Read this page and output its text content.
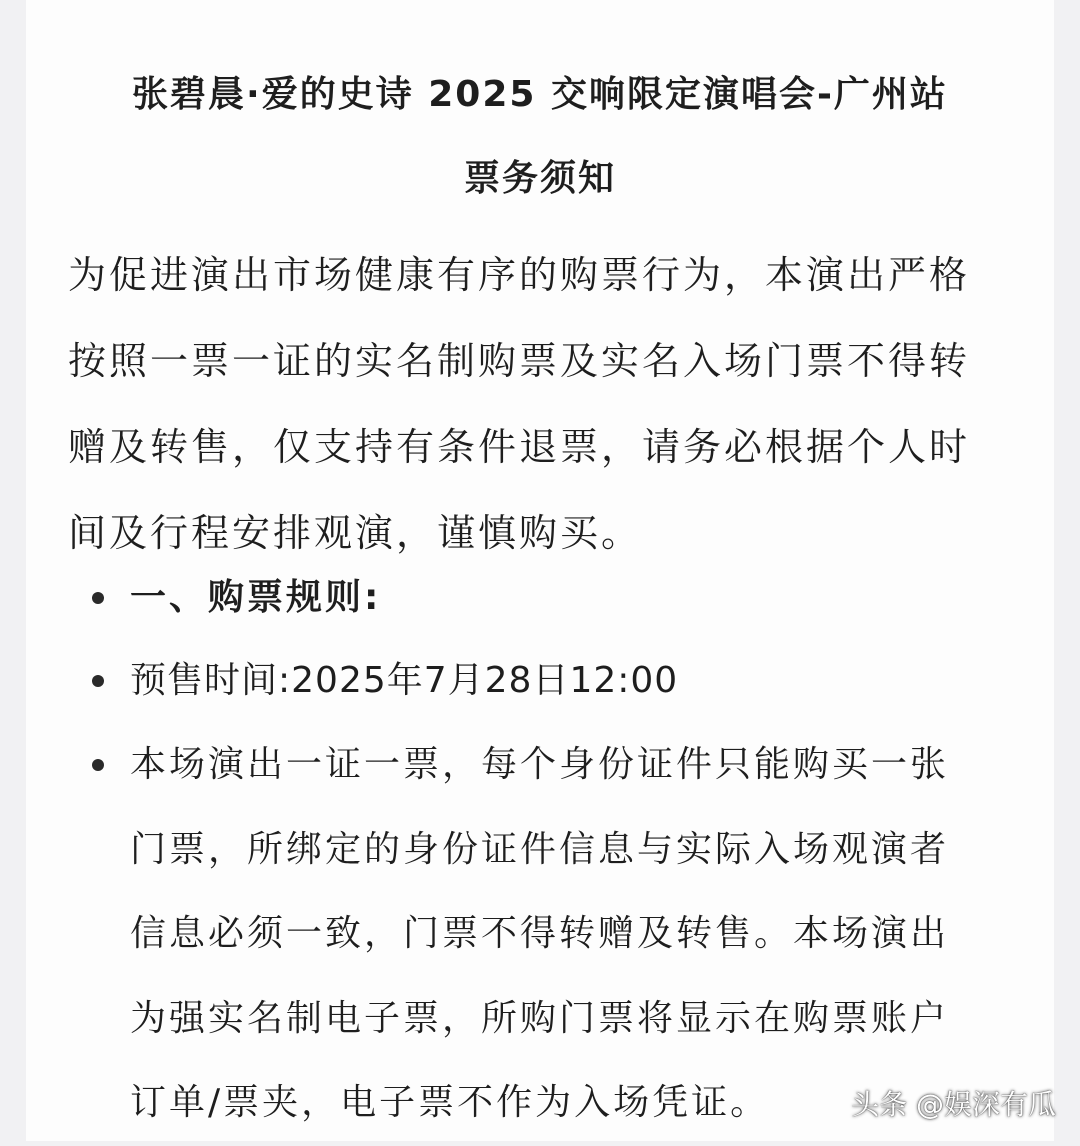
张碧晨·爱的史诗 2025 交响限定演唱会-广州站
票务须知
为促进演出市场健康有序的购票行为，本演出严格
按照一票一证的实名制购票及实名入场门票不得转
赠及转售，仅支持有条件退票，请务必根据个人时
间及行程安排观演，谨慎购买。
一、购票规则:
预售时间:2025年7月28日12:00
本场演出一证一票，每个身份证件只能购买一张
门票，所绑定的身份证件信息与实际入场观演者
信息必须一致，门票不得转赠及转售。本场演出
为强实名制电子票，所购门票将显示在购票账户
订单/票夹，电子票不作为入场凭证。	头条 @娱深有瓜
